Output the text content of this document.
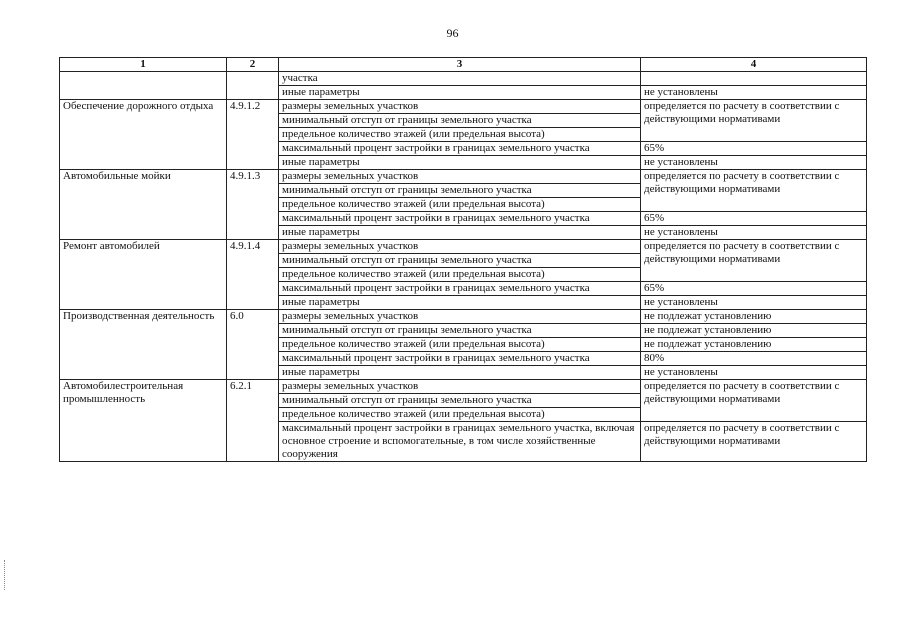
96
1	2	3	4
		участка	
		иные параметры	не установлены
Обеспечение дорожного отдыха	4.9.1.2	размеры земельных участков	определяется по расчету в соответствии с действующими нормативами
		минимальный отступ от границы земельного участка	
		предельное количество этажей (или предельная высота)	
		максимальный процент застройки в границах земельного участка	65%
		иные параметры	не установлены
Автомобильные мойки	4.9.1.3	размеры земельных участков	определяется по расчету в соответствии с действующими нормативами
		минимальный отступ от границы земельного участка	
		предельное количество этажей (или предельная высота)	
		максимальный процент застройки в границах земельного участка	65%
		иные параметры	не установлены
Ремонт автомобилей	4.9.1.4	размеры земельных участков	определяется по расчету в соответствии с действующими нормативами
		минимальный отступ от границы земельного участка	
		предельное количество этажей (или предельная высота)	
		максимальный процент застройки в границах земельного участка	65%
		иные параметры	не установлены
Производственная деятельность	6.0	размеры земельных участков	не подлежат установлению
		минимальный отступ от границы земельного участка	не подлежат установлению
		предельное количество этажей (или предельная высота)	не подлежат установлению
		максимальный процент застройки в границах земельного участка	80%
		иные параметры	не установлены
Автомобилестроительная промышленность	6.2.1	размеры земельных участков	определяется по расчету в соответствии с действующими нормативами
		минимальный отступ от границы земельного участка	
		предельное количество этажей (или предельная высота)	
		максимальный процент застройки в границах земельного участка, включая основное строение и вспомогательные, в том числе хозяйственные сооружения	определяется по расчету в соответствии с действующими нормативами
